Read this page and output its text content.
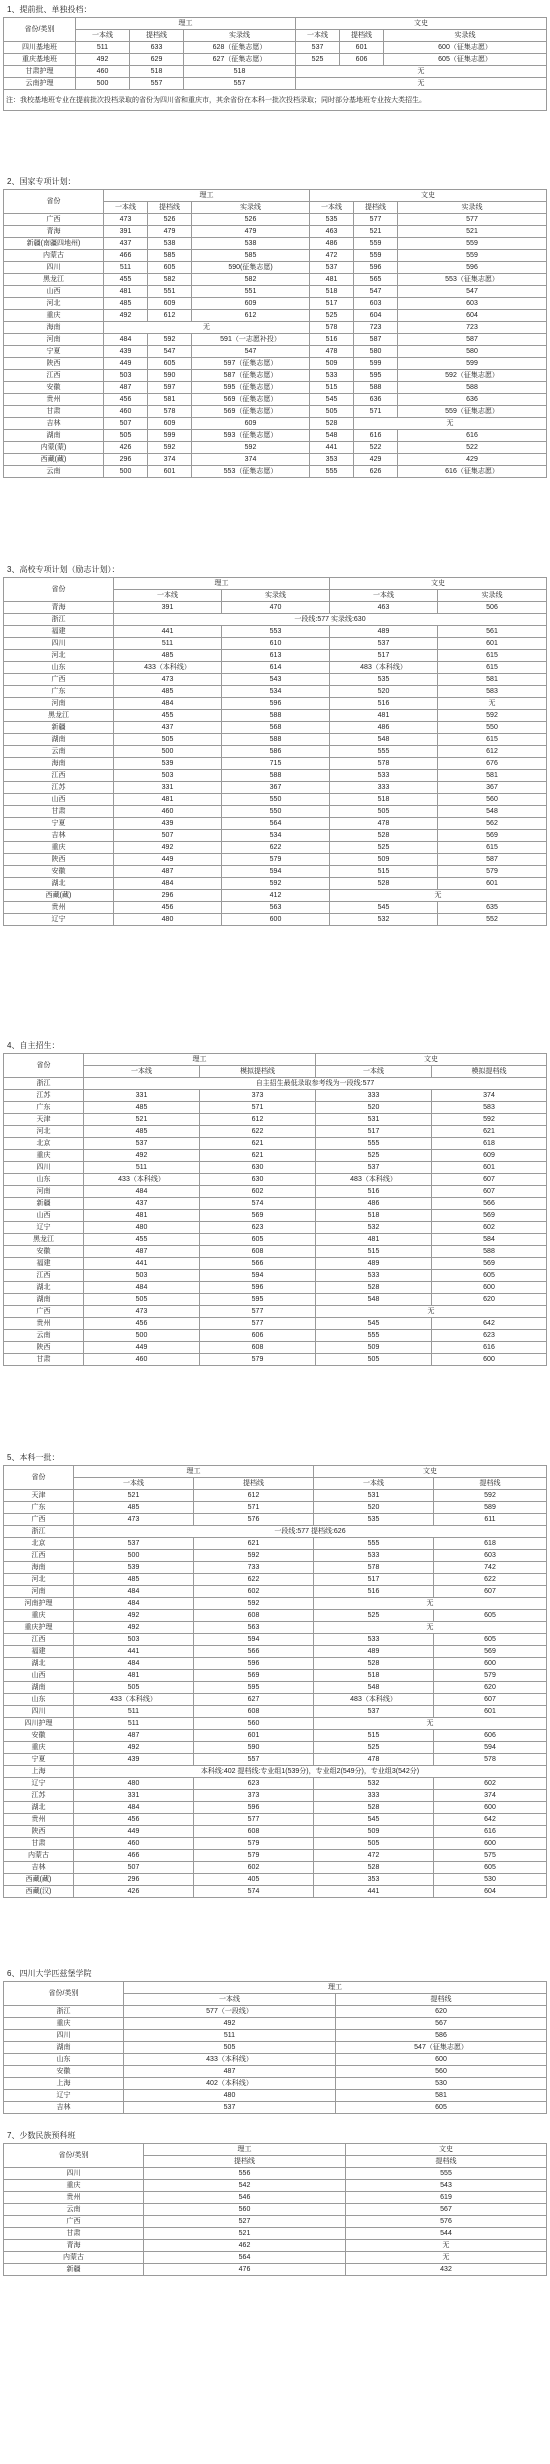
1、提前批、单独投档：
省份/类别	理工			文史		
	一本线	提档线	实录线	一本线	提档线	实录线
四川基地班	511	633	628（征集志愿）	537	601	600（征集志愿）
重庆基地班	492	629	627（征集志愿）	525	606	605（征集志愿）
甘肃护理	460	518	518	无		
云南护理	500	557	557	无		
注：我校基地班专业在提前批次投档录取的省份为四川省和重庆市，其余省份在本科一批次投档录取；同时部分基地班专业按大类招生。						
2、国家专项计划：
省份	理工			文史		
	一本线	提档线	实录线	一本线	提档线	实录线
广西	473	526	526	535	577	577
青海	391	479	479	463	521	521
新疆(南疆四地州)	437	538	538	486	559	559
内蒙古	466	585	585	472	559	559
四川	511	605	590(征集志愿)	537	596	596
黑龙江	455	582	582	481	565	553（征集志愿）
山西	481	551	551	518	547	547
河北	485	609	609	517	603	603
重庆	492	612	612	525	604	604
海南	无			578	723	723
河南	484	592	591（一志愿补投）	516	587	587
宁夏	439	547	547	478	580	580
陕西	449	605	597（征集志愿）	509	599	599
江西	503	590	587（征集志愿）	533	595	592（征集志愿）
安徽	487	597	595（征集志愿）	515	588	588
贵州	456	581	569（征集志愿）	545	636	636
甘肃	460	578	569（征集志愿）	505	571	559（征集志愿）
吉林	507	609	609	528	无	
湖南	505	599	593（征集志愿）	548	616	616
内蒙(蒙)	426	592	592	441	522	522
西藏(藏)	296	374	374	353	429	429
云南	500	601	553（征集志愿）	555	626	616（征集志愿）
3、高校专项计划（励志计划）：
省份	理工		文史	
	一本线	实录线	一本线	实录线
青海	391	470	463	506
浙江	一段线:577 实录线:630			
福建	441	553	489	561
四川	511	610	537	601
河北	485	613	517	615
山东	433（本科线）	614	483（本科线）	615
广西	473	543	535	581
广东	485	534	520	583
河南	484	596	516	无
黑龙江	455	588	481	592
新疆	437	568	486	550
湖南	505	588	548	615
云南	500	586	555	612
海南	539	715	578	676
江西	503	588	533	581
江苏	331	367	333	367
山西	481	550	518	560
甘肃	460	550	505	548
宁夏	439	564	478	562
吉林	507	534	528	569
重庆	492	622	525	615
陕西	449	579	509	587
安徽	487	594	515	579
湖北	484	592	528	601
西藏(藏)	296	412	无	
贵州	456	563	545	635
辽宁	480	600	532	552
4、自主招生：
省份	理工		文史	
	一本线	模拟提档线	一本线	模拟提档线
浙江	自主招生最低录取参考线为一段线:577			
江苏	331	373	333	374
广东	485	571	520	583
天津	521	612	531	592
河北	485	622	517	621
北京	537	621	555	618
重庆	492	621	525	609
四川	511	630	537	601
山东	433（本科线）	630	483（本科线）	607
河南	484	602	516	607
新疆	437	574	486	566
山西	481	569	518	569
辽宁	480	623	532	602
黑龙江	455	605	481	584
安徽	487	608	515	588
福建	441	566	489	569
江西	503	594	533	605
湖北	484	596	528	600
湖南	505	595	548	620
广西	473	577	无	
贵州	456	577	545	642
云南	500	606	555	623
陕西	449	608	509	616
甘肃	460	579	505	600
5、本科一批：
省份	理工		文史	
	一本线	提档线	一本线	提档线
天津	521	612	531	592
广东	485	571	520	589
广西	473	576	535	611
浙江	一段线:577 提档线:626			
北京	537	621	555	618
江西	500	592	533	603
海南	539	733	578	742
河北	485	622	517	622
河南	484	602	516	607
河南护理	484	592	无	
重庆	492	608	525	605
重庆护理	492	563	无	
江西	503	594	533	605
福建	441	566	489	569
湖北	484	596	528	600
山西	481	569	518	579
湖南	505	595	548	620
山东	433（本科线）	627	483（本科线）	607
四川	511	608	537	601
四川护理	511	560	无	
安徽	487	601	515	606
重庆	492	590	525	594
宁夏	439	557	478	578
上海	本科线:402 提档线:专业组1(539分)，专业组2(549分)，专业组3(542分)			
辽宁	480	623	532	602
江苏	331	373	333	374
湖北	484	596	528	600
贵州	456	577	545	642
陕西	449	608	509	616
甘肃	460	579	505	600
内蒙古	466	579	472	575
吉林	507	602	528	605
西藏(藏)	296	405	353	530
西藏(汉)	426	574	441	604
6、四川大学匹兹堡学院
省份/类别	理工	
	一本线	提档线
浙江	577（一段线）	620
重庆	492	567
四川	511	586
湖南	505	547（征集志愿）
山东	433（本科线）	600
安徽	487	560
上海	402（本科线）	530
辽宁	480	581
吉林	537	605
7、少数民族预科班
省份/类别	理工	文史
	提档线	提档线
四川	556	555
重庆	542	543
贵州	546	619
云南	560	567
广西	527	576
甘肃	521	544
青海	462	无
内蒙古	564	无
新疆	476	432
